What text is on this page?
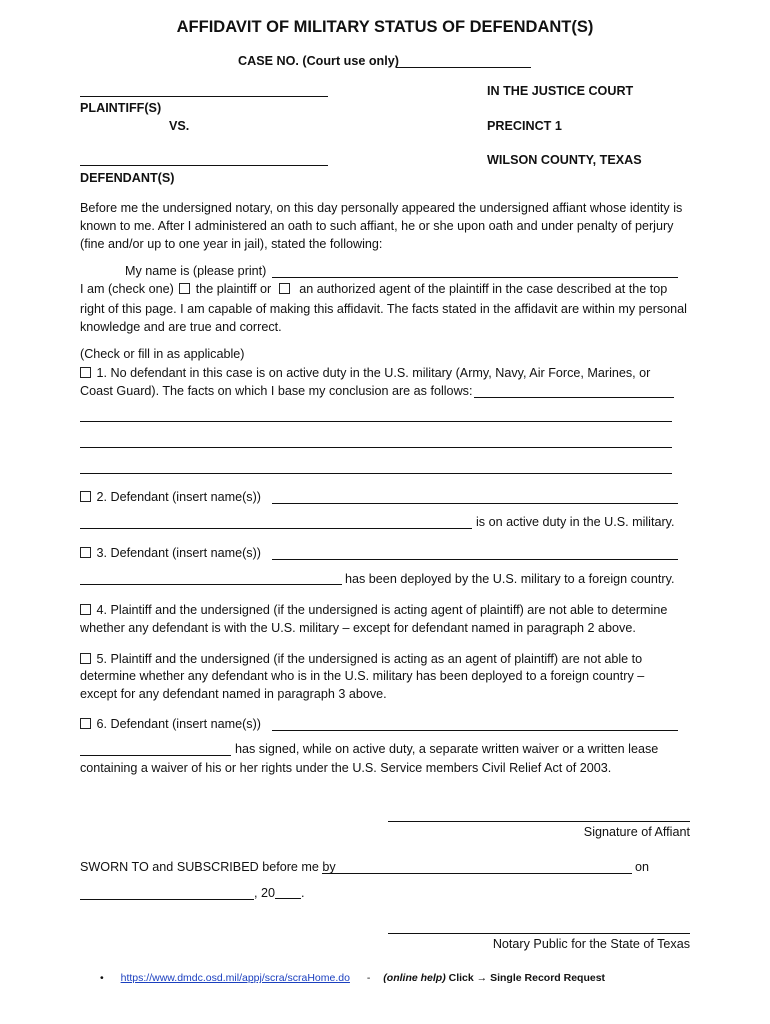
AFFIDAVIT OF MILITARY STATUS OF DEFENDANT(S)
CASE NO. (Court use only)
PLAINTIFF(S)
VS.
DEFENDANT(S)
IN THE JUSTICE COURT
PRECINCT 1
WILSON COUNTY, TEXAS
Before me the undersigned notary, on this day personally appeared the undersigned affiant whose identity is known to me. After I administered an oath to such affiant, he or she upon oath and under penalty of perjury (fine and/or up to one year in jail), stated the following:
My name is (please print)
I am (check one) the plaintiff or an authorized agent of the plaintiff in the case described at the top
right of this page. I am capable of making this affidavit. The facts stated in the affidavit are within my personal knowledge and are true and correct.
(Check or fill in as applicable)
1. No defendant in this case is on active duty in the U.S. military (Army, Navy, Air Force, Marines, or
Coast Guard). The facts on which I base my conclusion are as follows:
2. Defendant (insert name(s))
is on active duty in the U.S. military.
3. Defendant (insert name(s))
has been deployed by the U.S. military to a foreign country.
4. Plaintiff and the undersigned (if the undersigned is acting agent of plaintiff) are not able to determine
whether any defendant is with the U.S. military – except for defendant named in paragraph 2 above.
5. Plaintiff and the undersigned (if the undersigned is acting as an agent of plaintiff) are not able to
determine whether any defendant who is in the U.S. military has been deployed to a foreign country –
except for any defendant named in paragraph 3 above.
6. Defendant (insert name(s))
has signed, while on active duty, a separate written waiver or a written lease
containing a waiver of his or her rights under the U.S. Service members Civil Relief Act of 2003.
Signature of Affiant
SWORN TO and SUBSCRIBED before me by	on
, 20 .
Notary Public for the State of Texas
• https://www.dmdc.osd.mil/appj/scra/scraHome.do - (online help) Click → Single Record Request
